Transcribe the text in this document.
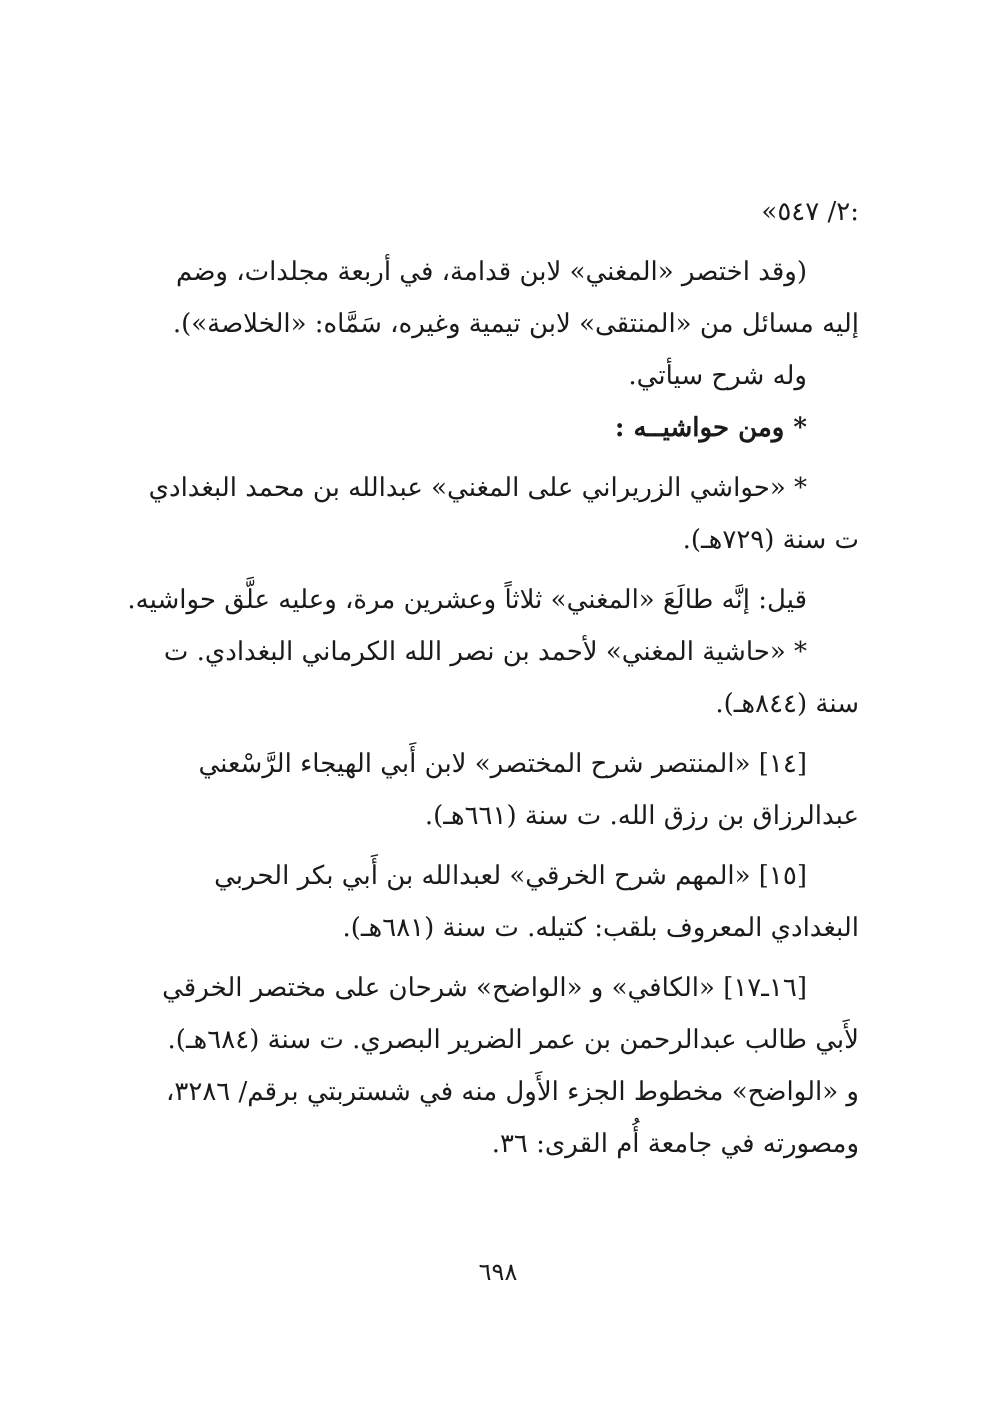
:٢/ ٥٤٧»
(وقد اختصر «المغني» لابن قدامة، في أربعة مجلدات، وضم
إليه مسائل من «المنتقى» لابن تيمية وغيره، سَمَّاه: «الخلاصة»).
وله شرح سيأتي.
* ومن حواشيــه :
* «حواشي الزريراني على المغني» عبدالله بن محمد البغدادي
ت سنة (٧٢٩هـ).
قيل: إنَّه طالَعَ «المغني» ثلاثاً وعشرين مرة، وعليه علَّق حواشيه.
* «حاشية المغني» لأحمد بن نصر الله الكرماني البغدادي. ت
سنة (٨٤٤هـ).
[١٤] «المنتصر شرح المختصر» لابن أَبي الهيجاء الرَّسْعني
عبدالرزاق بن رزق الله. ت سنة (٦٦١هـ).
[١٥] «المهم شرح الخرقي» لعبدالله بن أَبي بكر الحربي
البغدادي المعروف بلقب: كتيله. ت سنة (٦٨١هـ).
[١٦ـ١٧] «الكافي» و «الواضح» شرحان على مختصر الخرقي
لأَبي طالب عبدالرحمن بن عمر الضرير البصري. ت سنة (٦٨٤هـ).
و «الواضح» مخطوط الجزء الأَول منه في شستربتي برقم/ ٣٢٨٦،
ومصورته في جامعة أُم القرى: ٣٦.
٦٩٨
